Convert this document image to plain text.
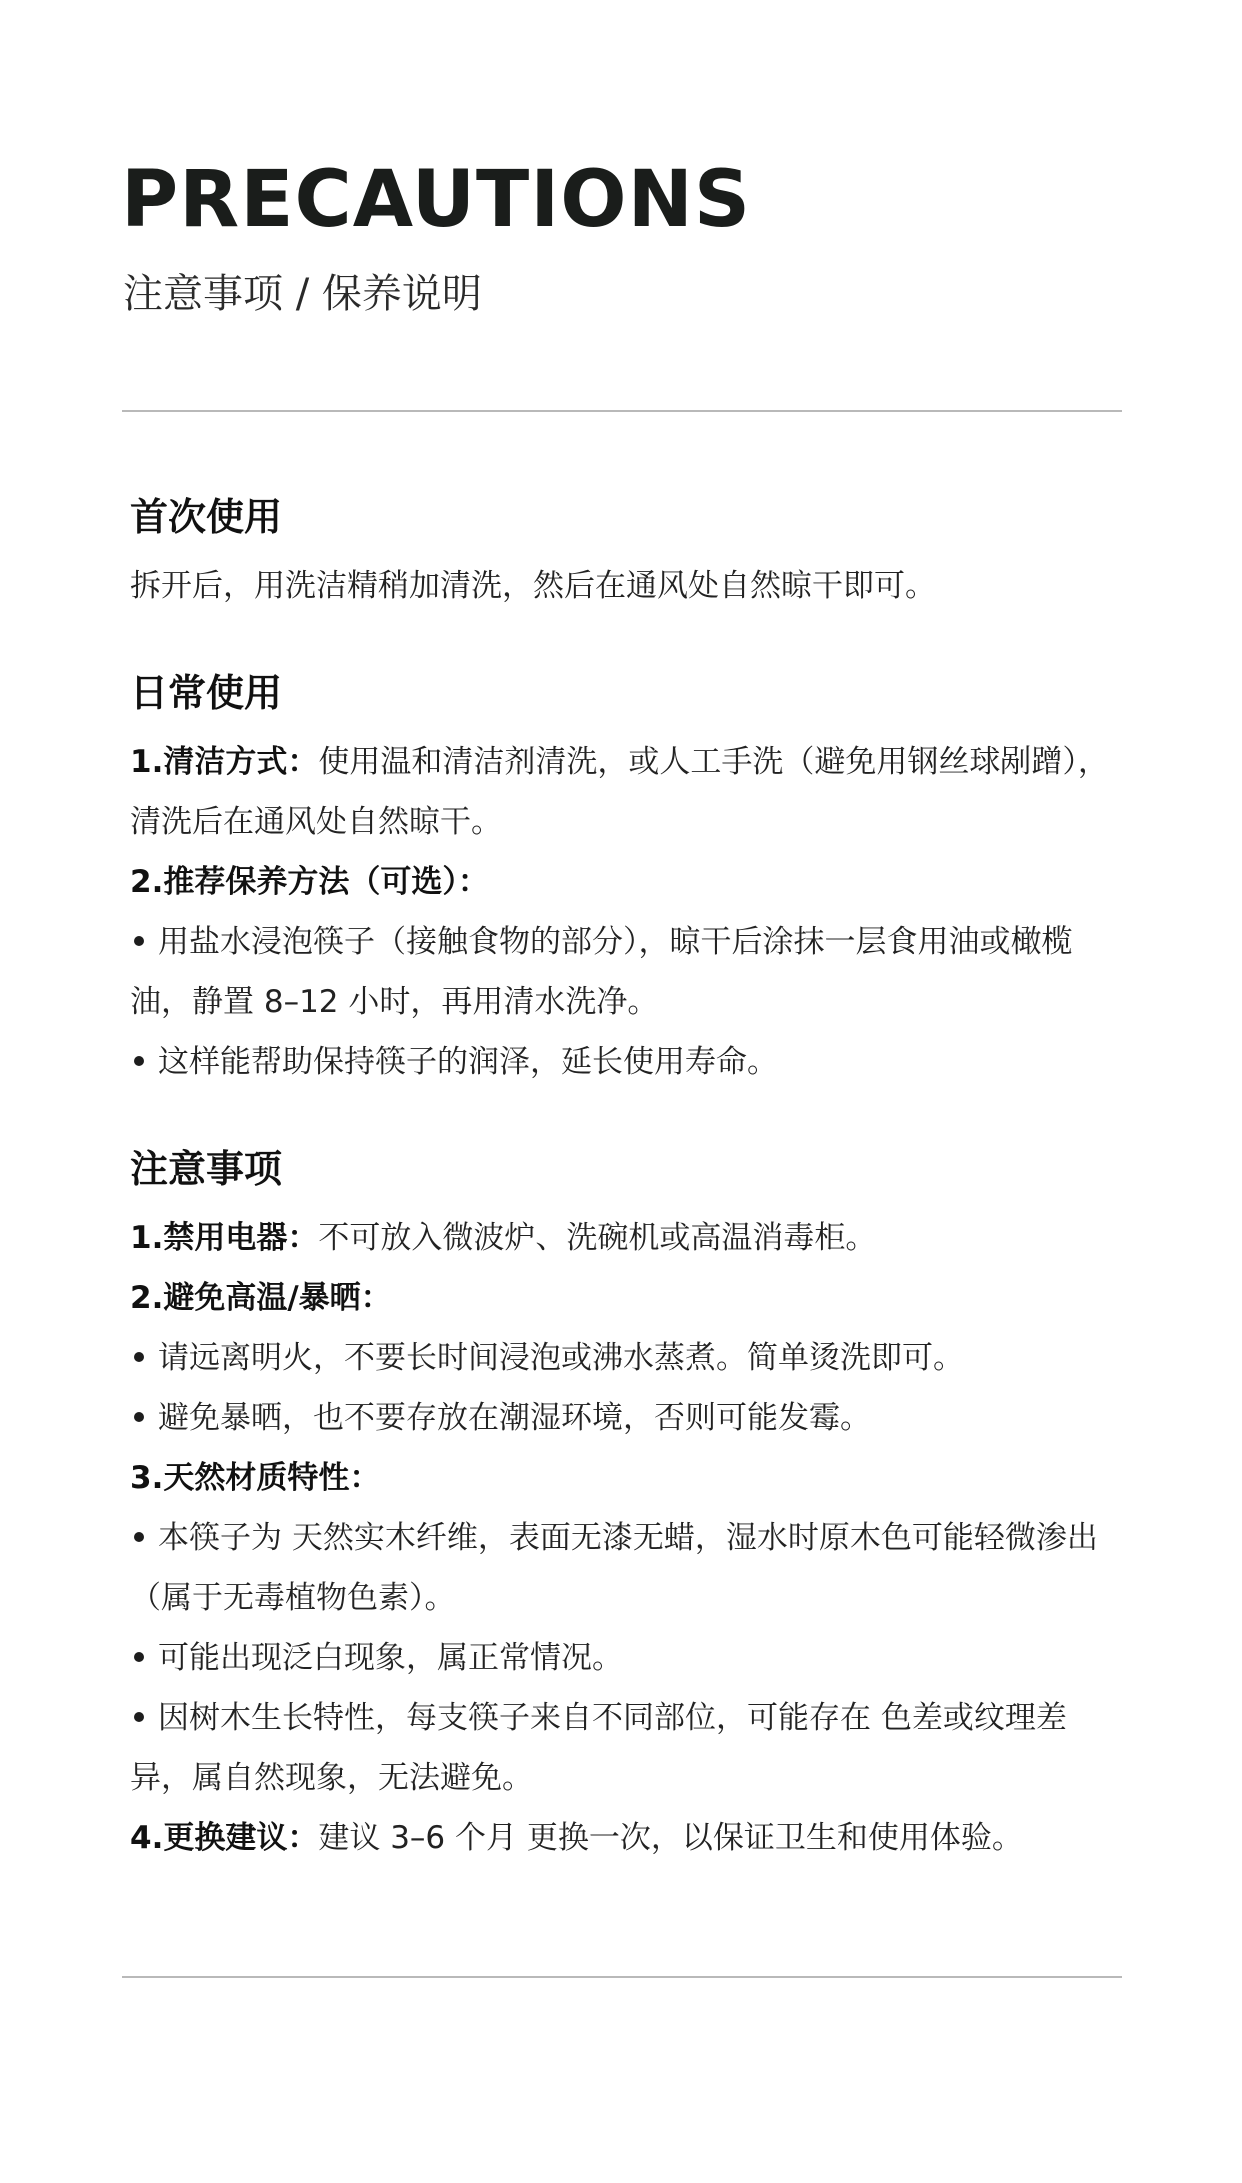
PRECAUTIONS

注意事项 / 保养说明

首次使用

拆开后，用洗洁精稍加清洗，然后在通风处自然晾干即可。

日常使用

1.清洁方式：使用温和清洁剂清洗，或人工手洗（避免用钢丝球剐蹭），清洗后在通风处自然晾干。

2.推荐保养方法（可选）：

用盐水浸泡筷子（接触食物的部分），晾干后涂抹一层食用油或橄榄油，静置 8–12 小时，再用清水洗净。

这样能帮助保持筷子的润泽，延长使用寿命。

注意事项

1.禁用电器：不可放入微波炉、洗碗机或高温消毒柜。

2.避免高温/暴晒：

请远离明火，不要长时间浸泡或沸水蒸煮。简单烫洗即可。

避免暴晒，也不要存放在潮湿环境，否则可能发霉。

3.天然材质特性：

本筷子为 天然实木纤维，表面无漆无蜡，湿水时原木色可能轻微渗出（属于无毒植物色素）。

可能出现泛白现象，属正常情况。

因树木生长特性，每支筷子来自不同部位，可能存在 色差或纹理差异，属自然现象，无法避免。

4.更换建议：建议 3–6 个月 更换一次，以保证卫生和使用体验。
